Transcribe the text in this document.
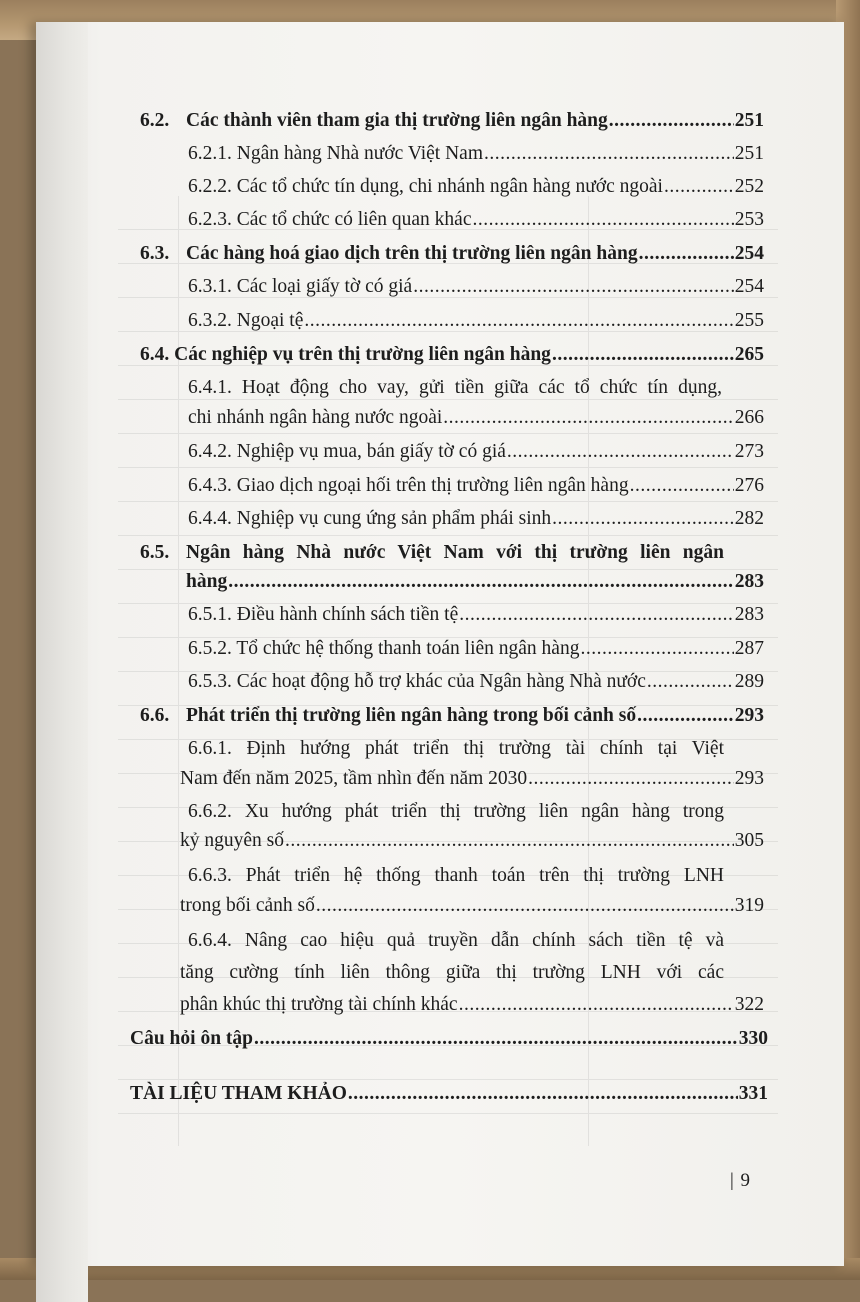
6.2. Các thành viên tham gia thị trường liên ngân hàng .....	251
6.2.1. Ngân hàng Nhà nước Việt Nam .....	251
6.2.2. Các tổ chức tín dụng, chi nhánh ngân hàng nước ngoài .....	252
6.2.3. Các tổ chức có liên quan khác .....	253
6.3. Các hàng hoá giao dịch trên thị trường liên ngân hàng .....	254
6.3.1. Các loại giấy tờ có giá .....	254
6.3.2. Ngoại tệ .....	255
6.4. Các nghiệp vụ trên thị trường liên ngân hàng .....	265
6.4.1. Hoạt động cho vay, gửi tiền giữa các tổ chức tín dụng,
chi nhánh ngân hàng nước ngoài .....	266
6.4.2. Nghiệp vụ mua, bán giấy tờ có giá .....	273
6.4.3. Giao dịch ngoại hối trên thị trường liên ngân hàng .....	276
6.4.4. Nghiệp vụ cung ứng sản phẩm phái sinh .....	282
6.5. Ngân hàng Nhà nước Việt Nam với thị trường liên ngân
hàng .....	283
6.5.1. Điều hành chính sách tiền tệ .....	283
6.5.2. Tổ chức hệ thống thanh toán liên ngân hàng .....	287
6.5.3. Các hoạt động hỗ trợ khác của Ngân hàng Nhà nước .....	289
6.6. Phát triển thị trường liên ngân hàng trong bối cảnh số .....	293
6.6.1. Định hướng phát triển thị trường tài chính tại Việt
Nam đến năm 2025, tầm nhìn đến năm 2030 .....	293
6.6.2. Xu hướng phát triển thị trường liên ngân hàng trong
kỷ nguyên số .....	305
6.6.3. Phát triển hệ thống thanh toán trên thị trường LNH
trong bối cảnh số .....	319
6.6.4. Nâng cao hiệu quả truyền dẫn chính sách tiền tệ và
tăng cường tính liên thông giữa thị trường LNH với các
phân khúc thị trường tài chính khác .....	322
Câu hỏi ôn tập .....	330
TÀI LIỆU THAM KHẢO .....	331
| 9
